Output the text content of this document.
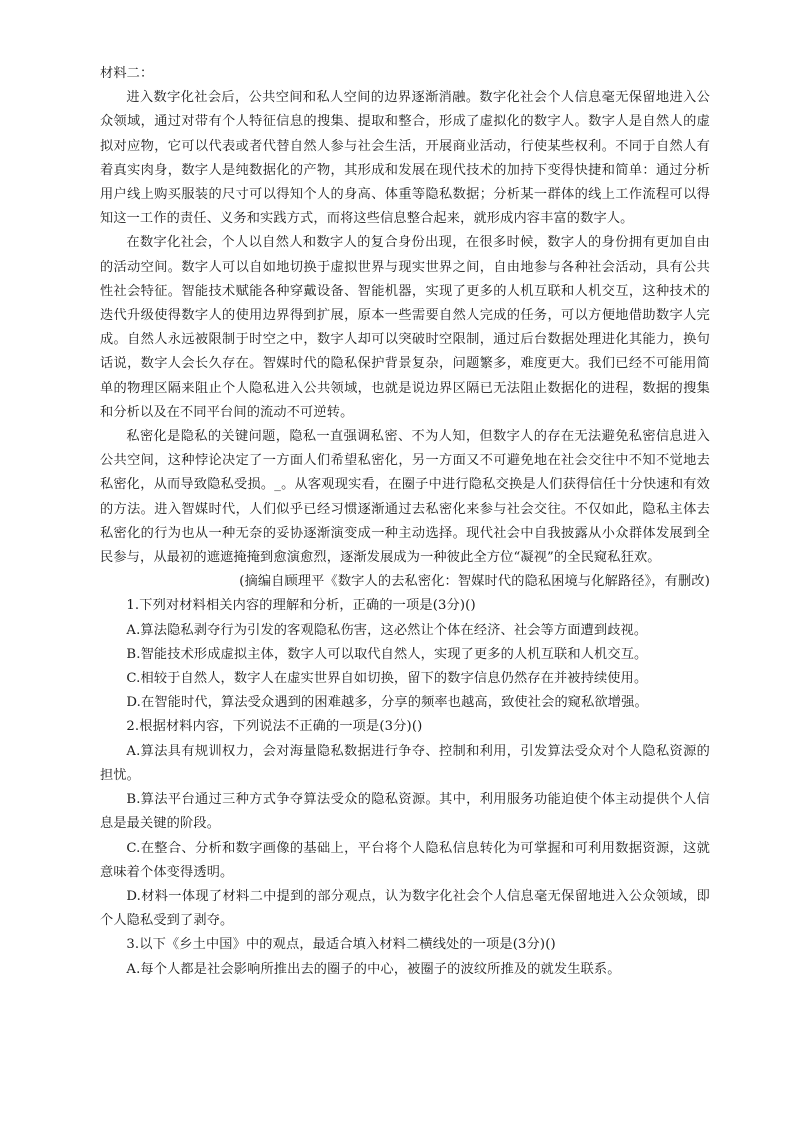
材料二：

进入数字化社会后，公共空间和私人空间的边界逐渐消融。数字化社会个人信息毫无保留地进入公众领域，通过对带有个人特征信息的搜集、提取和整合，形成了虚拟化的数字人。数字人是自然人的虚拟对应物，它可以代表或者代替自然人参与社会生活，开展商业活动，行使某些权利。不同于自然人有着真实肉身，数字人是纯数据化的产物，其形成和发展在现代技术的加持下变得快捷和简单：通过分析用户线上购买服装的尺寸可以得知个人的身高、体重等隐私数据；分析某一群体的线上工作流程可以得知这一工作的责任、义务和实践方式，而将这些信息整合起来，就形成内容丰富的数字人。

在数字化社会，个人以自然人和数字人的复合身份出现，在很多时候，数字人的身份拥有更加自由的活动空间。数字人可以自如地切换于虚拟世界与现实世界之间，自由地参与各种社会活动，具有公共性社会特征。智能技术赋能各种穿戴设备、智能机器，实现了更多的人机互联和人机交互，这种技术的迭代升级使得数字人的使用边界得到扩展，原本一些需要自然人完成的任务，可以方便地借助数字人完成。自然人永远被限制于时空之中，数字人却可以突破时空限制，通过后台数据处理进化其能力，换句话说，数字人会长久存在。智媒时代的隐私保护背景复杂，问题繁多，难度更大。我们已经不可能用简单的物理区隔来阻止个人隐私进入公共领域，也就是说边界区隔已无法阻止数据化的进程，数据的搜集和分析以及在不同平台间的流动不可逆转。

私密化是隐私的关键问题，隐私一直强调私密、不为人知，但数字人的存在无法避免私密信息进入公共空间，这种悖论决定了一方面人们希望私密化，另一方面又不可避免地在社会交往中不知不觉地去私密化，从而导致隐私受损。_。从客观现实看，在圈子中进行隐私交换是人们获得信任十分快速和有效的方法。进入智媒时代，人们似乎已经习惯逐渐通过去私密化来参与社会交往。不仅如此，隐私主体去私密化的行为也从一种无奈的妥协逐渐演变成一种主动选择。现代社会中自我披露从小众群体发展到全民参与，从最初的遮遮掩掩到愈演愈烈，逐渐发展成为一种彼此全方位“凝视”的全民窥私狂欢。

(摘编自顾理平《数字人的去私密化：智媒时代的隐私困境与化解路径》，有删改)

1.下列对材料相关内容的理解和分析，正确的一项是(3分)()

A.算法隐私剥夺行为引发的客观隐私伤害，这必然让个体在经济、社会等方面遭到歧视。

B.智能技术形成虚拟主体，数字人可以取代自然人，实现了更多的人机互联和人机交互。

C.相较于自然人，数字人在虚实世界自如切换，留下的数字信息仍然存在并被持续使用。

D.在智能时代，算法受众遇到的困难越多，分享的频率也越高，致使社会的窥私欲增强。

2.根据材料内容，下列说法不正确的一项是(3分)()

A.算法具有规训权力，会对海量隐私数据进行争夺、控制和利用，引发算法受众对个人隐私资源的担忧。

B.算法平台通过三种方式争夺算法受众的隐私资源。其中，利用服务功能迫使个体主动提供个人信息是最关键的阶段。

C.在整合、分析和数字画像的基础上，平台将个人隐私信息转化为可掌握和可利用数据资源，这就意味着个体变得透明。

D.材料一体现了材料二中提到的部分观点，认为数字化社会个人信息毫无保留地进入公众领域，即个人隐私受到了剥夺。

3.以下《乡土中国》中的观点，最适合填入材料二横线处的一项是(3分)()

A.每个人都是社会影响所推出去的圈子的中心，被圈子的波纹所推及的就发生联系。
